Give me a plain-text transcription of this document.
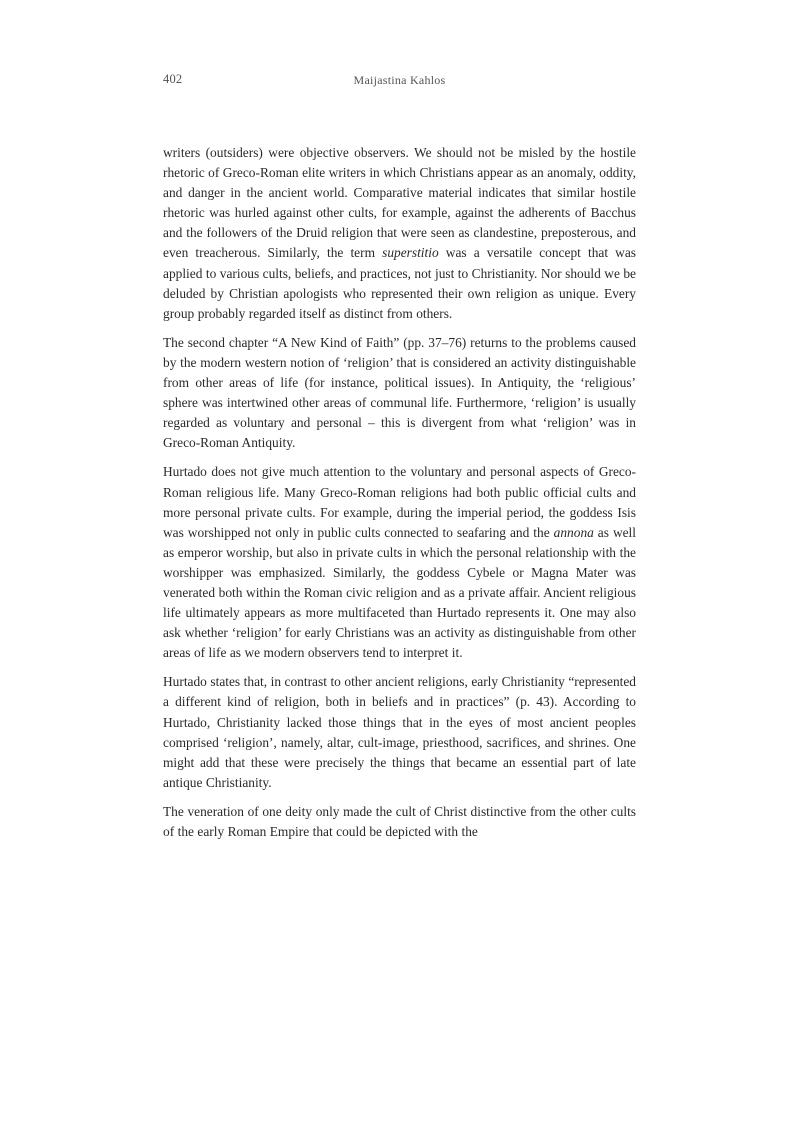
402	Maijastina Kahlos

writers (outsiders) were objective observers. We should not be misled by the hostile rhetoric of Greco-Roman elite writers in which Christians appear as an anomaly, oddity, and danger in the ancient world. Comparative material indicates that similar hostile rhetoric was hurled against other cults, for example, against the adherents of Bacchus and the followers of the Druid religion that were seen as clandestine, preposterous, and even treacherous. Similarly, the term superstitio was a versatile concept that was applied to various cults, beliefs, and practices, not just to Christianity. Nor should we be deluded by Christian apologists who represented their own religion as unique. Every group probably regarded itself as distinct from others.

The second chapter “A New Kind of Faith” (pp. 37–76) returns to the problems caused by the modern western notion of ‘religion’ that is considered an activity distinguishable from other areas of life (for instance, political issues). In Antiquity, the ‘religious’ sphere was intertwined other areas of communal life. Furthermore, ‘religion’ is usually regarded as voluntary and personal – this is divergent from what ‘religion’ was in Greco-Roman Antiquity.

Hurtado does not give much attention to the voluntary and personal aspects of Greco-Roman religious life. Many Greco-Roman religions had both public official cults and more personal private cults. For example, during the imperial period, the goddess Isis was worshipped not only in public cults connected to seafaring and the annona as well as emperor worship, but also in private cults in which the personal relationship with the worshipper was emphasized. Similarly, the goddess Cybele or Magna Mater was venerated both within the Roman civic religion and as a private affair. Ancient religious life ultimately appears as more multifaceted than Hurtado represents it. One may also ask whether ‘religion’ for early Christians was an activity as distinguishable from other areas of life as we modern observers tend to interpret it.

Hurtado states that, in contrast to other ancient religions, early Christianity “represented a different kind of religion, both in beliefs and in practices” (p. 43). According to Hurtado, Christianity lacked those things that in the eyes of most ancient peoples comprised ‘religion’, namely, altar, cult-image, priesthood, sacrifices, and shrines. One might add that these were precisely the things that became an essential part of late antique Christianity.

The veneration of one deity only made the cult of Christ distinctive from the other cults of the early Roman Empire that could be depicted with the
